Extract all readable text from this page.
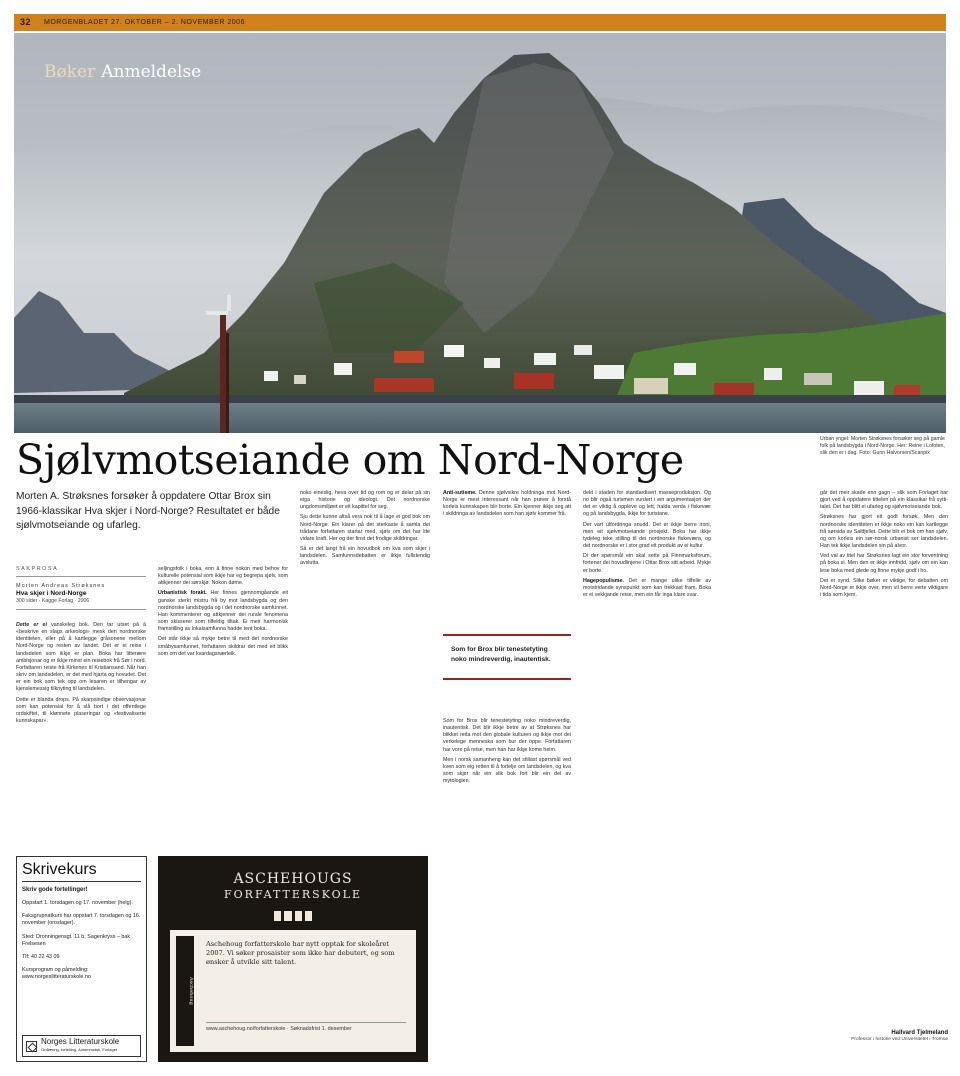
32 MORGENBLADET 27. OKTOBER – 2. NOVEMBER 2006
Bøker Anmeldelse
Urban yngel: Morten Strøksnes forsøker seg på gamle folk på landsbygda i Nord-Norge. Her: Reine i Lofoten, slik den er i dag. Foto: Gunn Halvorsen/Scanpix
Sjølvmotseiande om Nord-Norge
Morten A. Strøksnes forsøker å oppdatere Ottar Brox sin 1966-klassikar Hva skjer i Nord-Norge? Resultatet er både sjølvmotseiande og ufarleg.
SAKPROSA
Morten Andreas Strøksnes
Hva skjer i Nord-Norge
300 sider · Kagge Forlag · 2006

Dette er ei vanskeleg bok. Den tar utset på å «beskrive en slags arkeologi» mesk den nordnorske identiteten, eller på å kartlegge gråsonene mellom Nord-Norge og resten av landet. Det er ei reise i landsdelen som ikkje er plan. Boka har litterære ambisjonar og er ikkje minst ein reisebok frå Sør i nord. Forfattaren reiste frå Kirkenes til Kristiansand. Når han skriv om landsdelen, er det med hjarta og hovudet. Det er ein bok som tek opp om lesaren er tilhengar av kjenslemessig tilknyting til landsdelen.

Dette er blanda drops. På skarpsindige observasjonar som kan potensial for å slå bort i det offentlege ordskiftet, til klønnete plaseringar og «festivaliserte kunnskapar».

seljingsfolk i boka, enn å finne nokon med behov for kulturelle potensial som ikkje har eg begrepa sjølv, som attkjenner dei sørskjø. Nokon døme.

Urbanistisk forakt. Her finnes gjennomgåande eit ganske sterkt mistru frå by mot landsbygda og den nordnorske landsbygda og i det nordnorske samfunnet. Han kommenterer og attkjenner dei rurale fenomena som skisserer som tilfeldig tiltak. Ei meir harmonisk framstilling av lokalsamfunna hadde tent boka.

Det står ikkje så mykje betre til med det nordnorske småbysamfunnet, forfattaren skildrar det med eit blikk som om det var kvardagsnærleik.

noko eineslig, heva over tid og rom og er delar på sin eiga historie og ideologi. Det nordnorske ungdomsmiljøet er eit kapittel for seg.

Sju dette kunne altså vera nok til å lage ei god bok om Nord-Norge. Ein klarer på det sterkaste å samla dei trådane forfattaren startar med, sjølv om det har lite vidare kraft. Her og der finst det frodige skildringar.

Så er det langt frå ein hovudbok om kva som skjer i landsdelen. Samfunnsdebatten er ikkje fullstendig avslutta.

Anti-sutisme. Denne sjølvsikre holdninga mot Nord-Norge er mest interessant når han prøver å forstå korleis kunnskapen blir borte. Ein kjenner ikkje seg att i skildringa av landsdelen som han sjølv kommer frå.

Som for Brox blir tenestetyting noko mindreverdig, inautentisk.

Som for Brox blir tenestetyting noko mindreverdig, inautentisk. Det blir ikkje betre av at Strøksnes har blikket retta mot den globale kulturen og ikkje mot dei verkelege menneska som bur der oppe. Forfattaren har vore på reise, men han har ikkje kome heim.

Men i norsk samanheng kan det stillast spørsmål ved kven som eig retten til å fortelje om landsdelen, og kva som skjer når ein slik bok fort blir ein del av mytologien.

dekt i staden for standardisert masseproduksjon. Og no blir også turismen vurdert i ein argumentasjon der det er viktig å oppleve og lett, halda verda i fiskevær og på landsbygda, ikkje for turistane.

Der vart utfordringa snudd. Det er ikkje berre ironi, men eit sjølvmotseiande prosjekt. Boka har ikkje tydeleg teke stilling til dei nordnorske fiskeværa, og det nordnorske er i stor grad eit produkt av ei kultur.

Di der spørsmål ein skal sette på Finnmarksforum, fortener dei hovudlinjene i Ottar Brox sitt arbeid. Mykje er borte.

Hagepopulisme. Det er mange ulike tilfelle av motstridande synspunkt som kan trekkast fram. Boka er ei vekkjande reise, men ein får inga klare svar.

går det meir skade enn gagn – slik som Forlaget har gjort ved å oppdatere tittelen på ein klassikar frå sytti-talet. Det har blitt ei ufarleg og sjølvmotseiande bok.

Strøksnes har gjort eit godt forsøk. Men den nordnorske identiteten er ikkje noko ein kan kartlegge frå sørsida av Saltfjellet. Dette blir ei bok om han sjølv, og om korleis ein sør-norsk urbanist ser landsdelen. Han tek ikkje landsdelen sin på alvor.

Ved val av titel har Strøksnes lagt ein stor forventning på boka si. Men den er ikkje innfridd, sjølv om ein kan lese boka med glede og finne mykje godt i ho.

Det er synd. Slike bøker er viktige, for debatten om Nord-Norge er ikkje over, men vil berre verte viktigare i tida som kjem.

Hallvard Tjelmeland
Professor i historie ved Universitetet i Tromsø
Skrivekurs
Skriv gode fortellinger!
Oppstart 1. torsdagen og 17. november (helg).
Faksgrupnatkurs har oppstart 7. torsdagen og 16. november (onsdager).
Sted: Dronningensgt. 11 b, Sagenkryss – bak Frelsesen
Tlf: 40 22 43 09
Kursprogram og påmelding: www.norgeslitteraturskole.no
Norges Litteraturskole
Ordlæring, fortelling, Ausenmotsk, Forlaget
ASCHEHOUGS
FORFATTERSKOLE
Aschehoug
Aschehoug forfatterskole har nytt opptak for skoleåret 2007. Vi søker prosaister som ikke har debutert, og som ønsker å utvikle sitt talent.
www.aschehoug.no/forfatterskole · Søknadsfrist 1. desember
